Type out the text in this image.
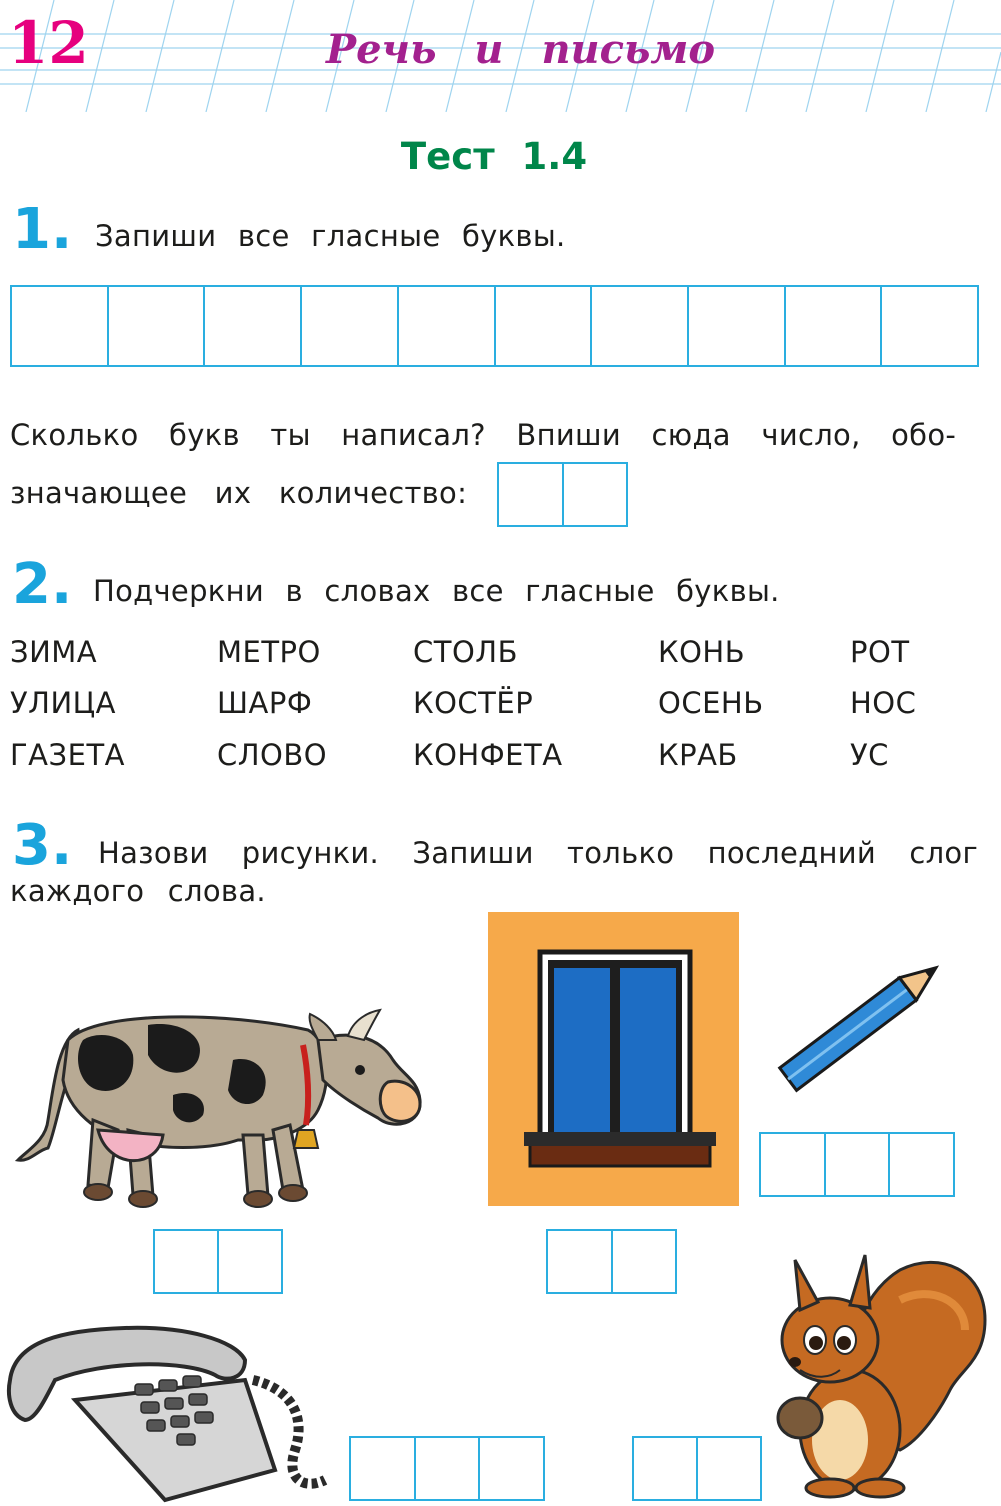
12	Речь и письмо
Тест 1.4
1. Запиши все гласные буквы.
Сколько букв ты написал? Впиши сюда число, обо-
значающее их количество:
2. Подчеркни в словах все гласные буквы.
ЗИМА	МЕТРО	СТОЛБ	КОНЬ	РОТ
УЛИЦА	ШАРФ	КОСТЁР	ОСЕНЬ	НОС
ГАЗЕТА	СЛОВО	КОНФЕТА	КРАБ	УС
3. Назови рисунки. Запиши только последний слог
каждого слова.
